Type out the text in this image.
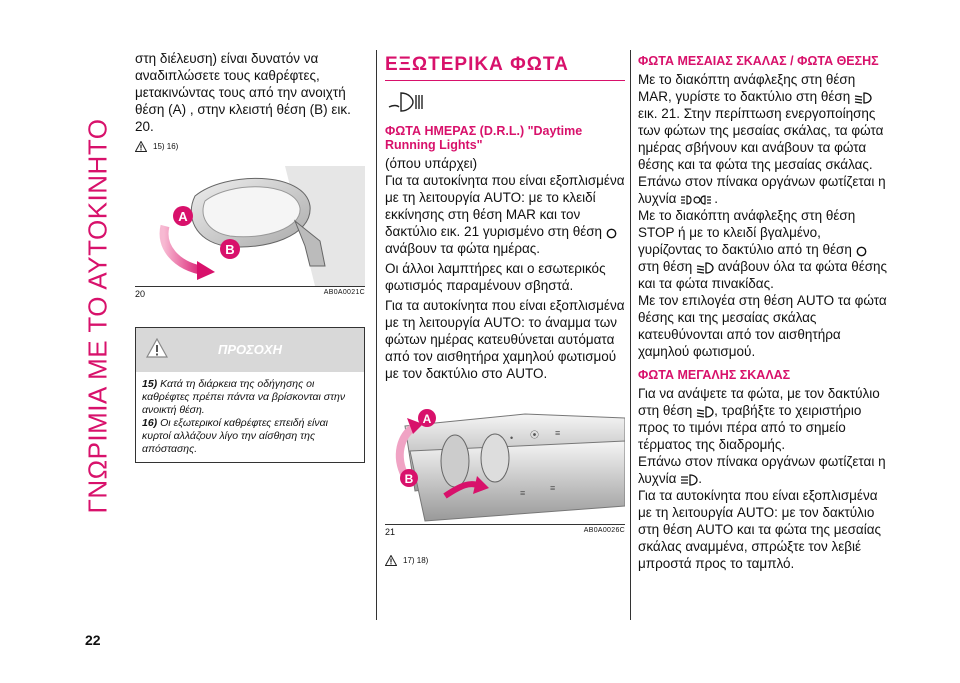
ΓΝΩΡΙΜΙΑ ΜΕ ΤΟ ΑΥΤΟΚΙΝΗΤΟ
22

στη διέλευση) είναι δυνατόν να αναδιπλώσετε τους καθρέφτες, μετακινώντας τους από την ανοιχτή θέση (A) , στην κλειστή θέση (B) εικ. 20.

15) 16)
A
B
20	AB0A0021C
ΠΡΟΣΟΧΗ
15) Κατά τη διάρκεια της οδήγησης οι καθρέφτες πρέπει πάντα να βρίσκονται στην ανοικτή θέση.
16) Οι εξωτερικοί καθρέφτες επειδή είναι κυρτοί αλλάζουν λίγο την αίσθηση της απόστασης.
ΕΞΩΤΕΡΙΚΑ ΦΩΤΑ
ΦΩΤΑ ΗΜΕΡΑΣ (D.R.L.) "Daytime Running Lights"

(όπου υπάρχει)

Για τα αυτοκίνητα που είναι εξοπλισμένα με τη λειτουργία AUTO: με το κλειδί εκκίνησης στη θέση MAR και τον δακτύλιο εικ. 21 γυρισμένο στη θέση  ανάβουν τα φώτα ημέρας.

Οι άλλοι λαμπτήρες και ο εσωτερικός φωτισμός παραμένουν σβηστά.

Για τα αυτοκίνητα που είναι εξοπλισμένα με τη λειτουργία AUTO: το άναμμα των φώτων ημέρας κατευθύνεται αυτόματα από τον αισθητήρα χαμηλού φωτισμού με τον δακτύλιο στο AUTO.

• ⦿ ≡
≡	≡
A
B
21	AB0A0026C
17) 18)
ΦΩΤΑ ΜΕΣΑΙΑΣ ΣΚΑΛΑΣ / ΦΩΤΑ ΘΕΣΗΣ

Με το διακόπτη ανάφλεξης στη θέση MAR, γυρίστε το δακτύλιο στη θέση  εικ. 21. Στην περίπτωση ενεργοποίησης των φώτων της μεσαίας σκάλας, τα φώτα ημέρας σβήνουν και ανάβουν τα φώτα θέσης και τα φώτα της μεσαίας σκάλας.

Επάνω στον πίνακα οργάνων φωτίζεται η λυχνία	.

Με το διακόπτη ανάφλεξης στη θέση STOP ή με το κλειδί βγαλμένο, γυρίζοντας το δακτύλιο από τη θέση  στη θέση ανάβουν όλα τα φώτα θέσης και τα φώτα πινακίδας.

Με τον επιλογέα στη θέση AUTO τα φώτα θέσης και της μεσαίας σκάλας κατευθύνονται από τον αισθητήρα χαμηλού φωτισμού.

ΦΩΤΑ ΜΕΓΑΛΗΣ ΣΚΑΛΑΣ

Για να ανάψετε τα φώτα, με τον δακτύλιο στη θέση , τραβήξτε το χειριστήριο προς το τιμόνι πέρα από το σημείο τέρματος της διαδρομής.

Επάνω στον πίνακα οργάνων φωτίζεται η λυχνία .

Για τα αυτοκίνητα που είναι εξοπλισμένα με τη λειτουργία AUTO: με τον δακτύλιο στη θέση AUTO και τα φώτα της μεσαίας σκάλας αναμμένα, σπρώξτε τον λεβιέ μπροστά προς το ταμπλό.
